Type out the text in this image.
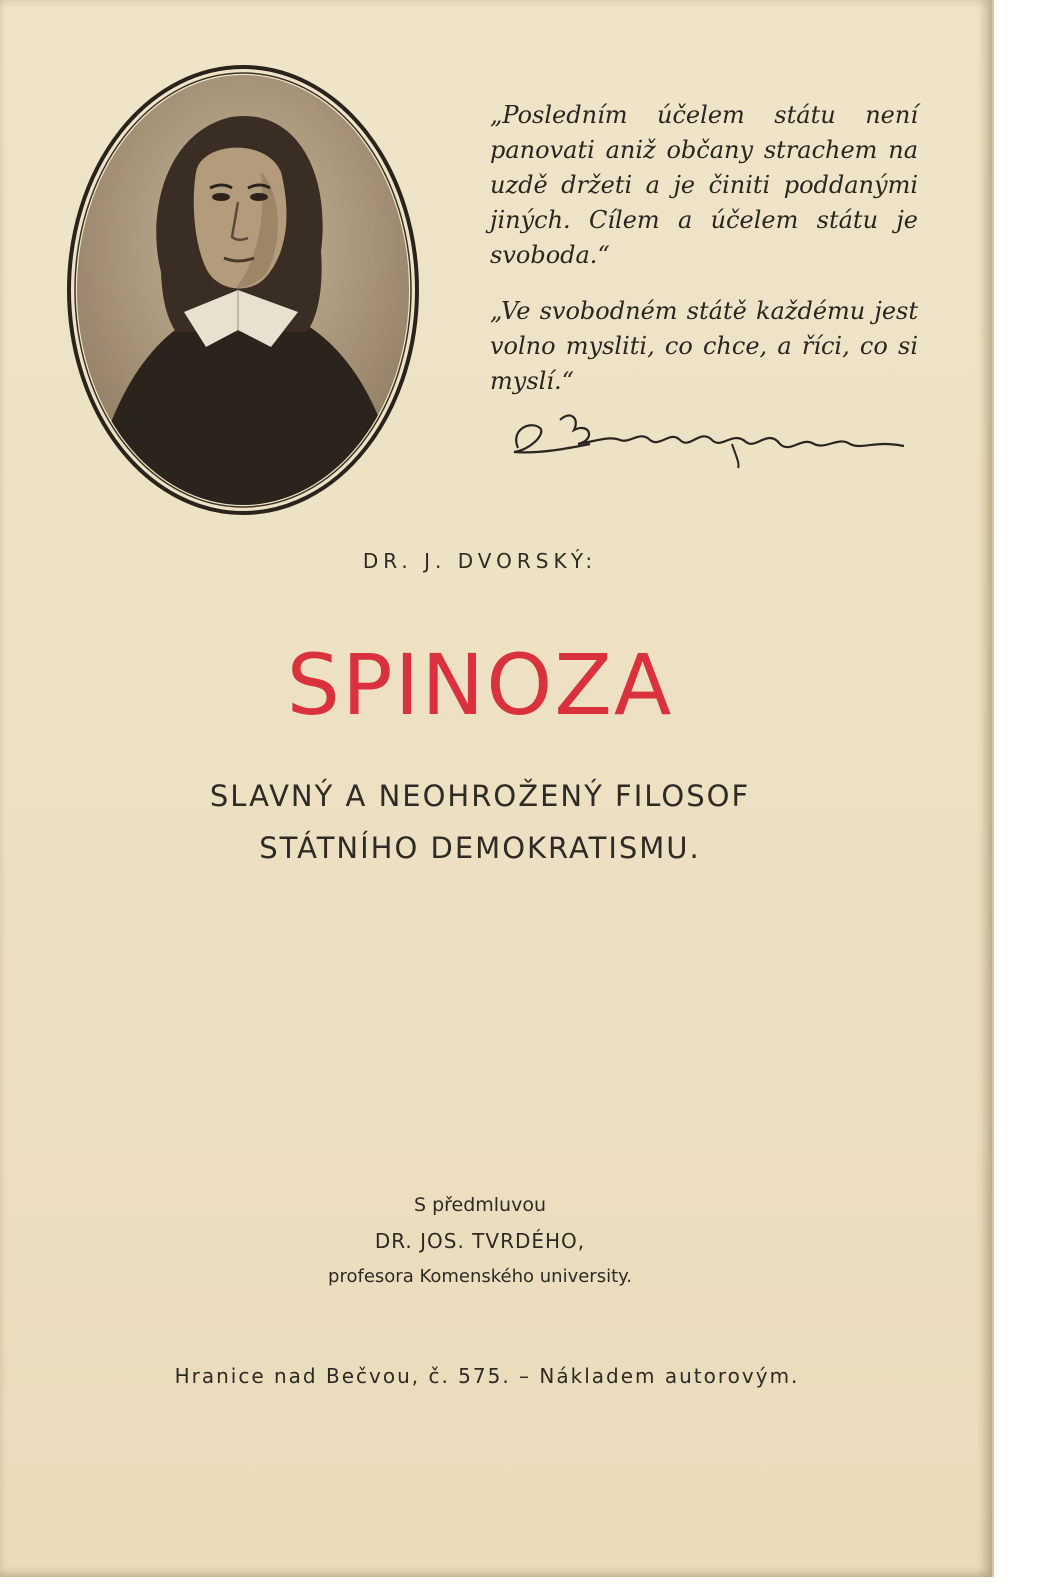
„Posledním účelem státu není panovati aniž občany strachem na uzdě držeti a je činiti poddanými jiných. Cílem a účelem státu je svoboda.“

„Ve svobodném státě každému jest volno mysliti, co chce, a říci, co si myslí.“

DR. J. DVORSKÝ:
SPINOZA
SLAVNÝ A NEOHROŽENÝ FILOSOF
STÁTNÍHO DEMOKRATISMU.
S předmluvou
DR. JOS. TVRDÉHO,
profesora Komenského university.
Hranice nad Bečvou, č. 575. – Nákladem autorovým.
